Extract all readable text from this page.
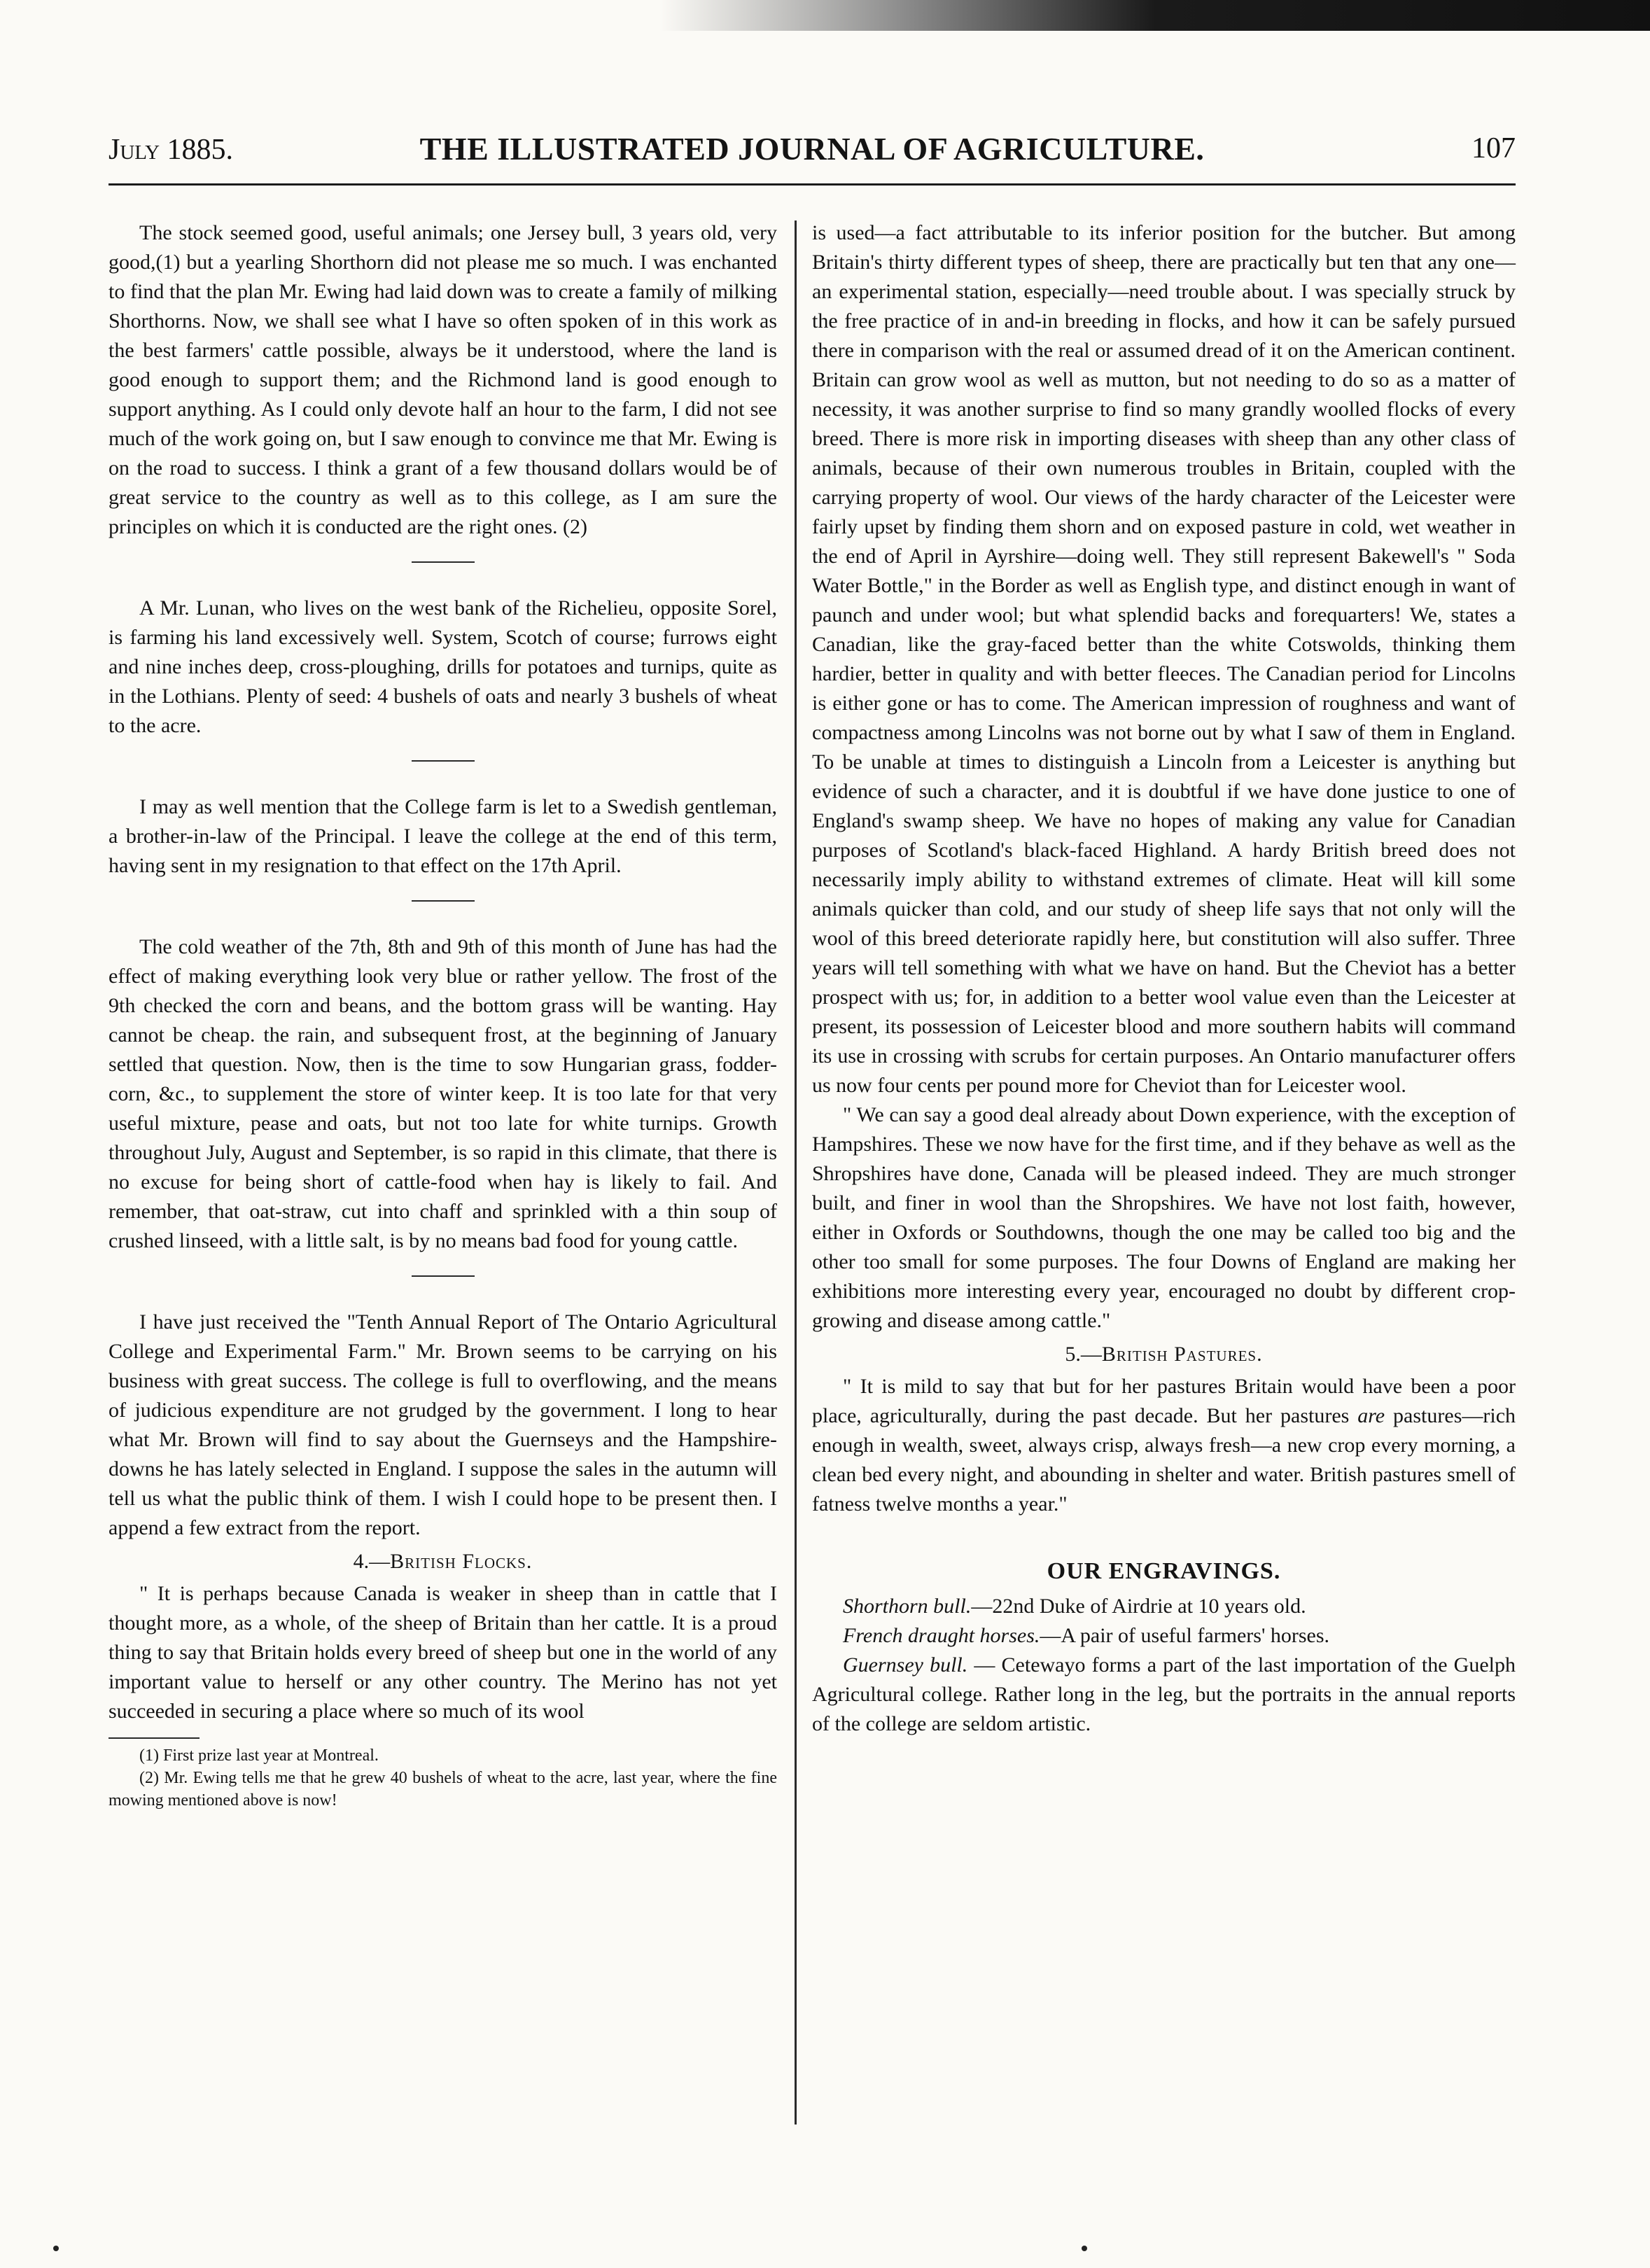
July 1885.	THE ILLUSTRATED JOURNAL OF AGRICULTURE.	107

The stock seemed good, useful animals; one Jersey bull, 3 years old, very good,(1) but a yearling Shorthorn did not please me so much. I was enchanted to find that the plan Mr. Ewing had laid down was to create a family of milking Shorthorns. Now, we shall see what I have so often spoken of in this work as the best farmers' cattle possible, always be it understood, where the land is good enough to support them; and the Richmond land is good enough to support anything. As I could only devote half an hour to the farm, I did not see much of the work going on, but I saw enough to convince me that Mr. Ewing is on the road to success. I think a grant of a few thousand dollars would be of great service to the country as well as to this college, as I am sure the principles on which it is conducted are the right ones. (2)

A Mr. Lunan, who lives on the west bank of the Richelieu, opposite Sorel, is farming his land excessively well. System, Scotch of course; furrows eight and nine inches deep, cross-ploughing, drills for potatoes and turnips, quite as in the Lothians. Plenty of seed: 4 bushels of oats and nearly 3 bushels of wheat to the acre.

I may as well mention that the College farm is let to a Swedish gentleman, a brother-in-law of the Principal. I leave the college at the end of this term, having sent in my resignation to that effect on the 17th April.

The cold weather of the 7th, 8th and 9th of this month of June has had the effect of making everything look very blue or rather yellow. The frost of the 9th checked the corn and beans, and the bottom grass will be wanting. Hay cannot be cheap. the rain, and subsequent frost, at the beginning of January settled that question. Now, then is the time to sow Hungarian grass, fodder-corn, &c., to supplement the store of winter keep. It is too late for that very useful mixture, pease and oats, but not too late for white turnips. Growth throughout July, August and September, is so rapid in this climate, that there is no excuse for being short of cattle-food when hay is likely to fail. And remember, that oat-straw, cut into chaff and sprinkled with a thin soup of crushed linseed, with a little salt, is by no means bad food for young cattle.

I have just received the "Tenth Annual Report of The Ontario Agricultural College and Experimental Farm." Mr. Brown seems to be carrying on his business with great success. The college is full to overflowing, and the means of judicious expenditure are not grudged by the government. I long to hear what Mr. Brown will find to say about the Guernseys and the Hampshire-downs he has lately selected in England. I suppose the sales in the autumn will tell us what the public think of them. I wish I could hope to be present then. I append a few extract from the report.

4.—British Flocks.

" It is perhaps because Canada is weaker in sheep than in cattle that I thought more, as a whole, of the sheep of Britain than her cattle. It is a proud thing to say that Britain holds every breed of sheep but one in the world of any important value to herself or any other country. The Merino has not yet succeeded in securing a place where so much of its wool

(1) First prize last year at Montreal.

(2) Mr. Ewing tells me that he grew 40 bushels of wheat to the acre, last year, where the fine mowing mentioned above is now!

is used—a fact attributable to its inferior position for the butcher. But among Britain's thirty different types of sheep, there are practically but ten that any one—an experimental station, especially—need trouble about. I was specially struck by the free practice of in and-in breeding in flocks, and how it can be safely pursued there in comparison with the real or assumed dread of it on the American continent. Britain can grow wool as well as mutton, but not needing to do so as a matter of necessity, it was another surprise to find so many grandly woolled flocks of every breed. There is more risk in importing diseases with sheep than any other class of animals, because of their own numerous troubles in Britain, coupled with the carrying property of wool. Our views of the hardy character of the Leicester were fairly upset by finding them shorn and on exposed pasture in cold, wet weather in the end of April in Ayrshire—doing well. They still represent Bakewell's " Soda Water Bottle," in the Border as well as English type, and distinct enough in want of paunch and under wool; but what splendid backs and forequarters! We, states a Canadian, like the gray-faced better than the white Cotswolds, thinking them hardier, better in quality and with better fleeces. The Canadian period for Lincolns is either gone or has to come. The American impression of roughness and want of compactness among Lincolns was not borne out by what I saw of them in England. To be unable at times to distinguish a Lincoln from a Leicester is anything but evidence of such a character, and it is doubtful if we have done justice to one of England's swamp sheep. We have no hopes of making any value for Canadian purposes of Scotland's black-faced Highland. A hardy British breed does not necessarily imply ability to withstand extremes of climate. Heat will kill some animals quicker than cold, and our study of sheep life says that not only will the wool of this breed deteriorate rapidly here, but constitution will also suffer. Three years will tell something with what we have on hand. But the Cheviot has a better prospect with us; for, in addition to a better wool value even than the Leicester at present, its possession of Leicester blood and more southern habits will command its use in crossing with scrubs for certain purposes. An Ontario manufacturer offers us now four cents per pound more for Cheviot than for Leicester wool.

" We can say a good deal already about Down experience, with the exception of Hampshires. These we now have for the first time, and if they behave as well as the Shropshires have done, Canada will be pleased indeed. They are much stronger built, and finer in wool than the Shropshires. We have not lost faith, however, either in Oxfords or Southdowns, though the one may be called too big and the other too small for some purposes. The four Downs of England are making her exhibitions more interesting every year, encouraged no doubt by different crop-growing and disease among cattle."

5.—British Pastures.

" It is mild to say that but for her pastures Britain would have been a poor place, agriculturally, during the past decade. But her pastures are pastures—rich enough in wealth, sweet, always crisp, always fresh—a new crop every morning, a clean bed every night, and abounding in shelter and water. British pastures smell of fatness twelve months a year."

OUR ENGRAVINGS.

Shorthorn bull.—22nd Duke of Airdrie at 10 years old.

French draught horses.—A pair of useful farmers' horses.

Guernsey bull. — Cetewayo forms a part of the last importation of the Guelph Agricultural college. Rather long in the leg, but the portraits in the annual reports of the college are seldom artistic.
